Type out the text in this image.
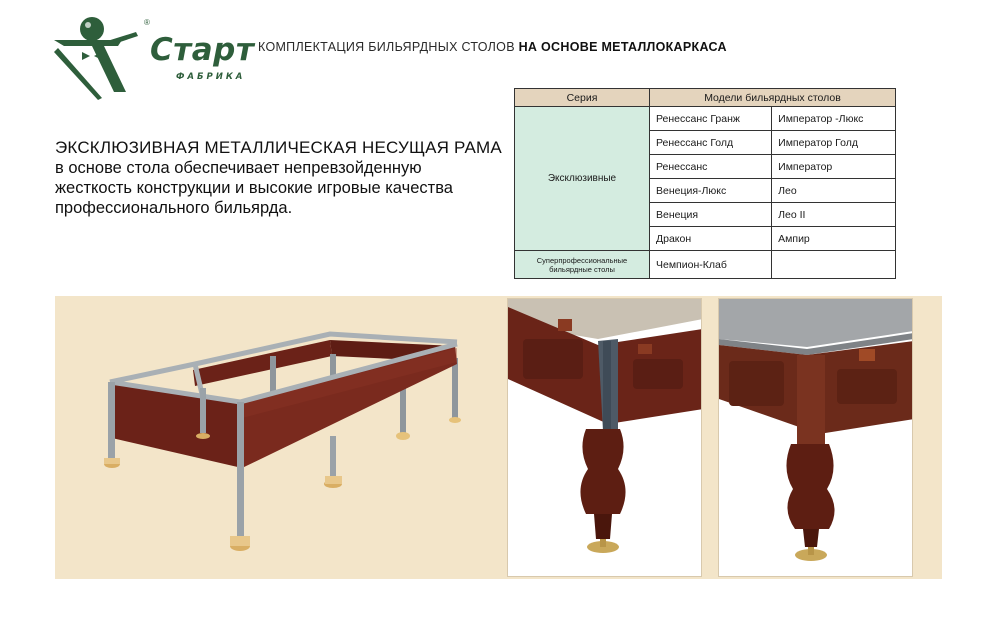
®
Старт
ФАБРИКА
КОМПЛЕКТАЦИЯ БИЛЬЯРДНЫХ СТОЛОВ НА ОСНОВЕ МЕТАЛЛОКАРКАСА
ЭКСКЛЮЗИВНАЯ МЕТАЛЛИЧЕСКАЯ НЕСУЩАЯ РАМА
в основе стола обеспечивает непревзойденную
жесткость конструкции и высокие игровые качества
профессионального бильярда.
Серия	Модели бильярдных столов	
Эксклюзивные	Ренессанс Гранж	Император -Люкс
	Ренессанс Голд	Император Голд
	Ренессанс	Император
	Венеция-Люкс	Лео
	Венеция	Лео II
	Дракон	Ампир
Суперпрофессиональные бильярдные столы	Чемпион-Клаб	
